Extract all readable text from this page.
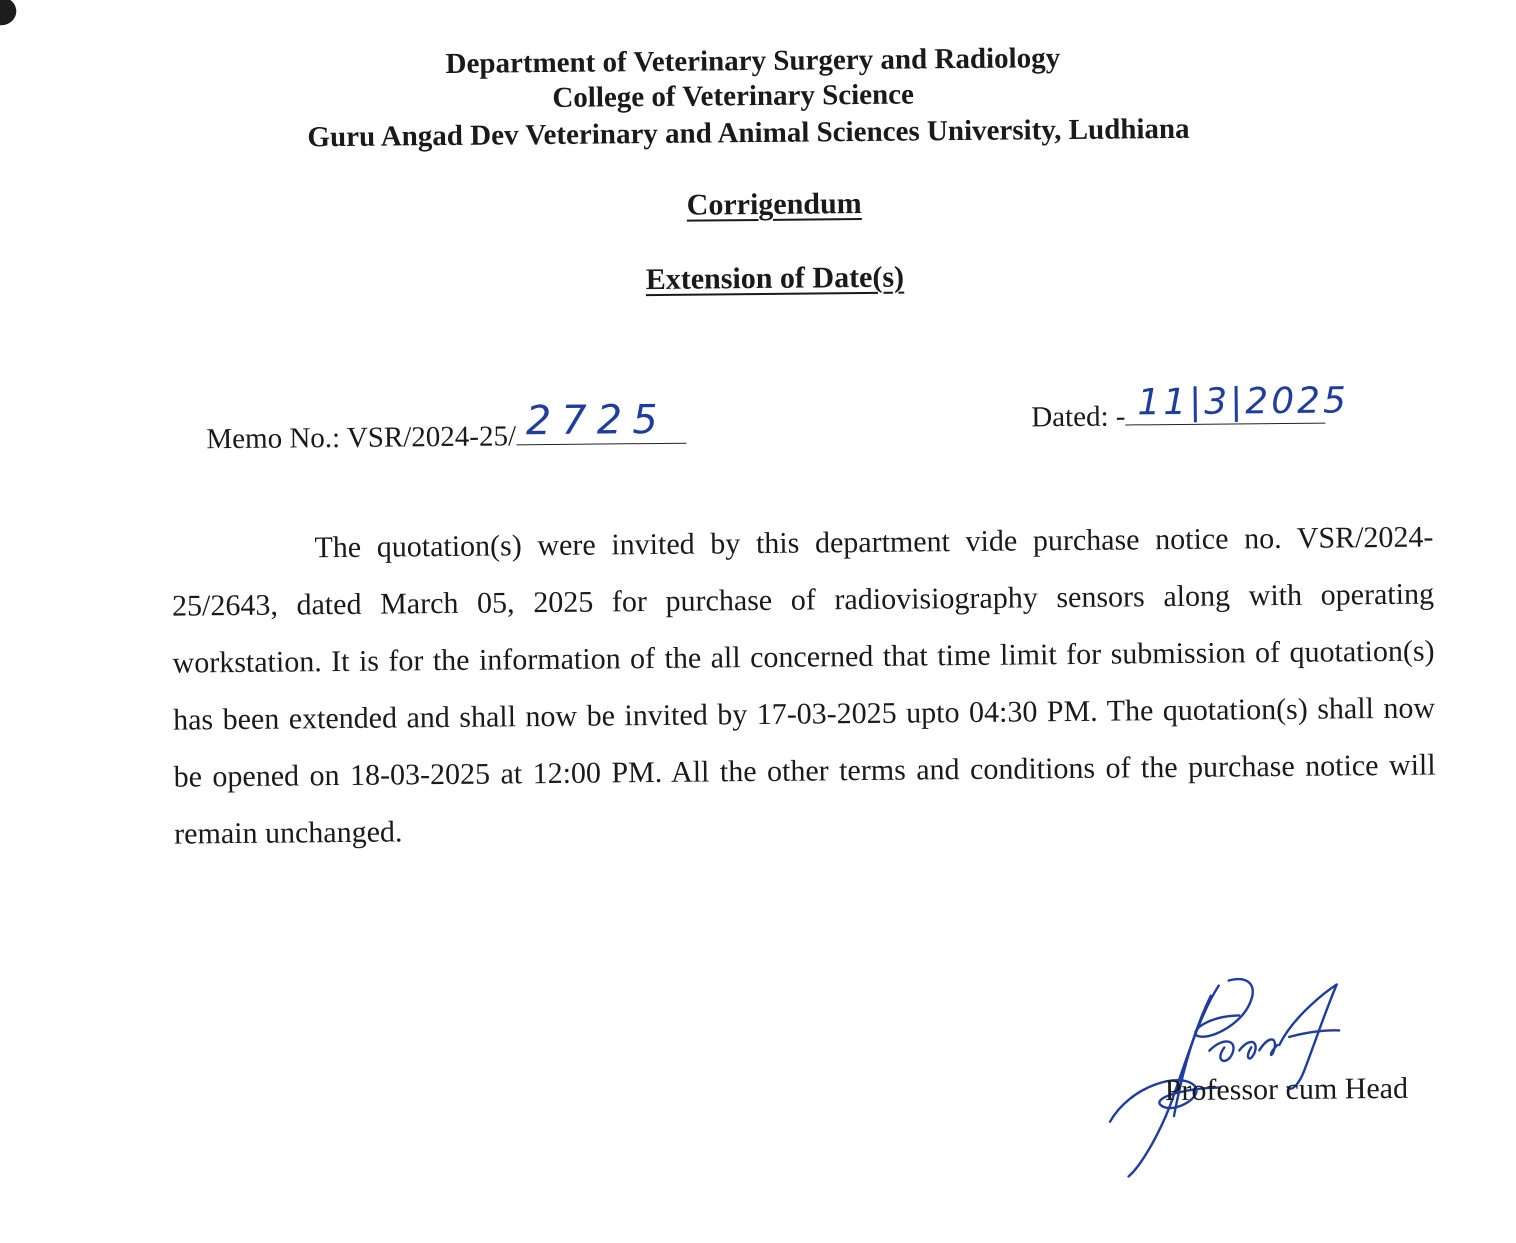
Department of Veterinary Surgery and Radiology
College of Veterinary Science
Guru Angad Dev Veterinary and Animal Sciences University, Ludhiana
Corrigendum
Extension of Date(s)
Memo No.: VSR/2024-25/ 2725	Dated: - 11|3|2025
The quotation(s) were invited by this department vide purchase notice no. VSR/2024-25/2643, dated March 05, 2025 for purchase of radiovisiography sensors along with operating workstation. It is for the information of the all concerned that time limit for submission of quotation(s) has been extended and shall now be invited by 17-03-2025 upto 04:30 PM. The quotation(s) shall now be opened on 18-03-2025 at 12:00 PM. All the other terms and conditions of the purchase notice will remain unchanged.
Professor cum Head
